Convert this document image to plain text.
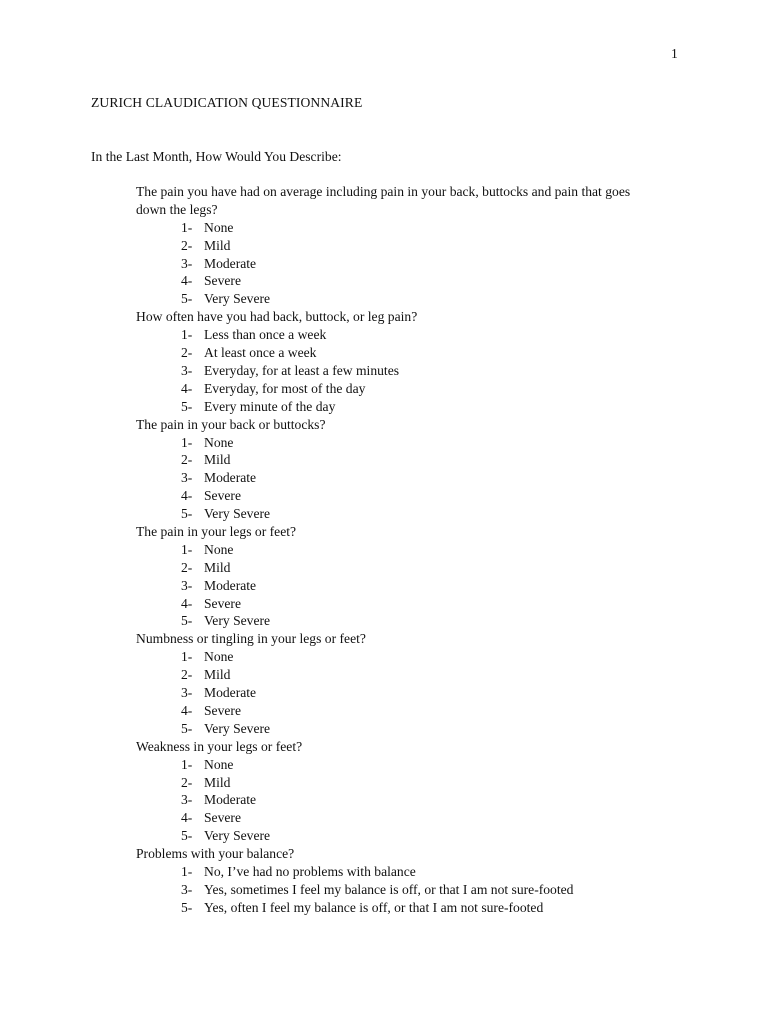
1
ZURICH CLAUDICATION QUESTIONNAIRE
In the Last Month, How Would You Describe:
The pain you have had on average including pain in your back, buttocks and pain that goes down the legs?
1- None
2- Mild
3- Moderate
4- Severe
5- Very Severe
How often have you had back, buttock, or leg pain?
1- Less than once a week
2- At least once a week
3- Everyday, for at least a few minutes
4- Everyday, for most of the day
5- Every minute of the day
The pain in your back or buttocks?
1- None
2- Mild
3- Moderate
4- Severe
5- Very Severe
The pain in your legs or feet?
1- None
2- Mild
3- Moderate
4- Severe
5- Very Severe
Numbness or tingling in your legs or feet?
1- None
2- Mild
3- Moderate
4- Severe
5- Very Severe
Weakness in your legs or feet?
1- None
2- Mild
3- Moderate
4- Severe
5- Very Severe
Problems with your balance?
1- No, I’ve had no problems with balance
3- Yes, sometimes I feel my balance is off, or that I am not sure-footed
5- Yes, often I feel my balance is off, or that I am not sure-footed
